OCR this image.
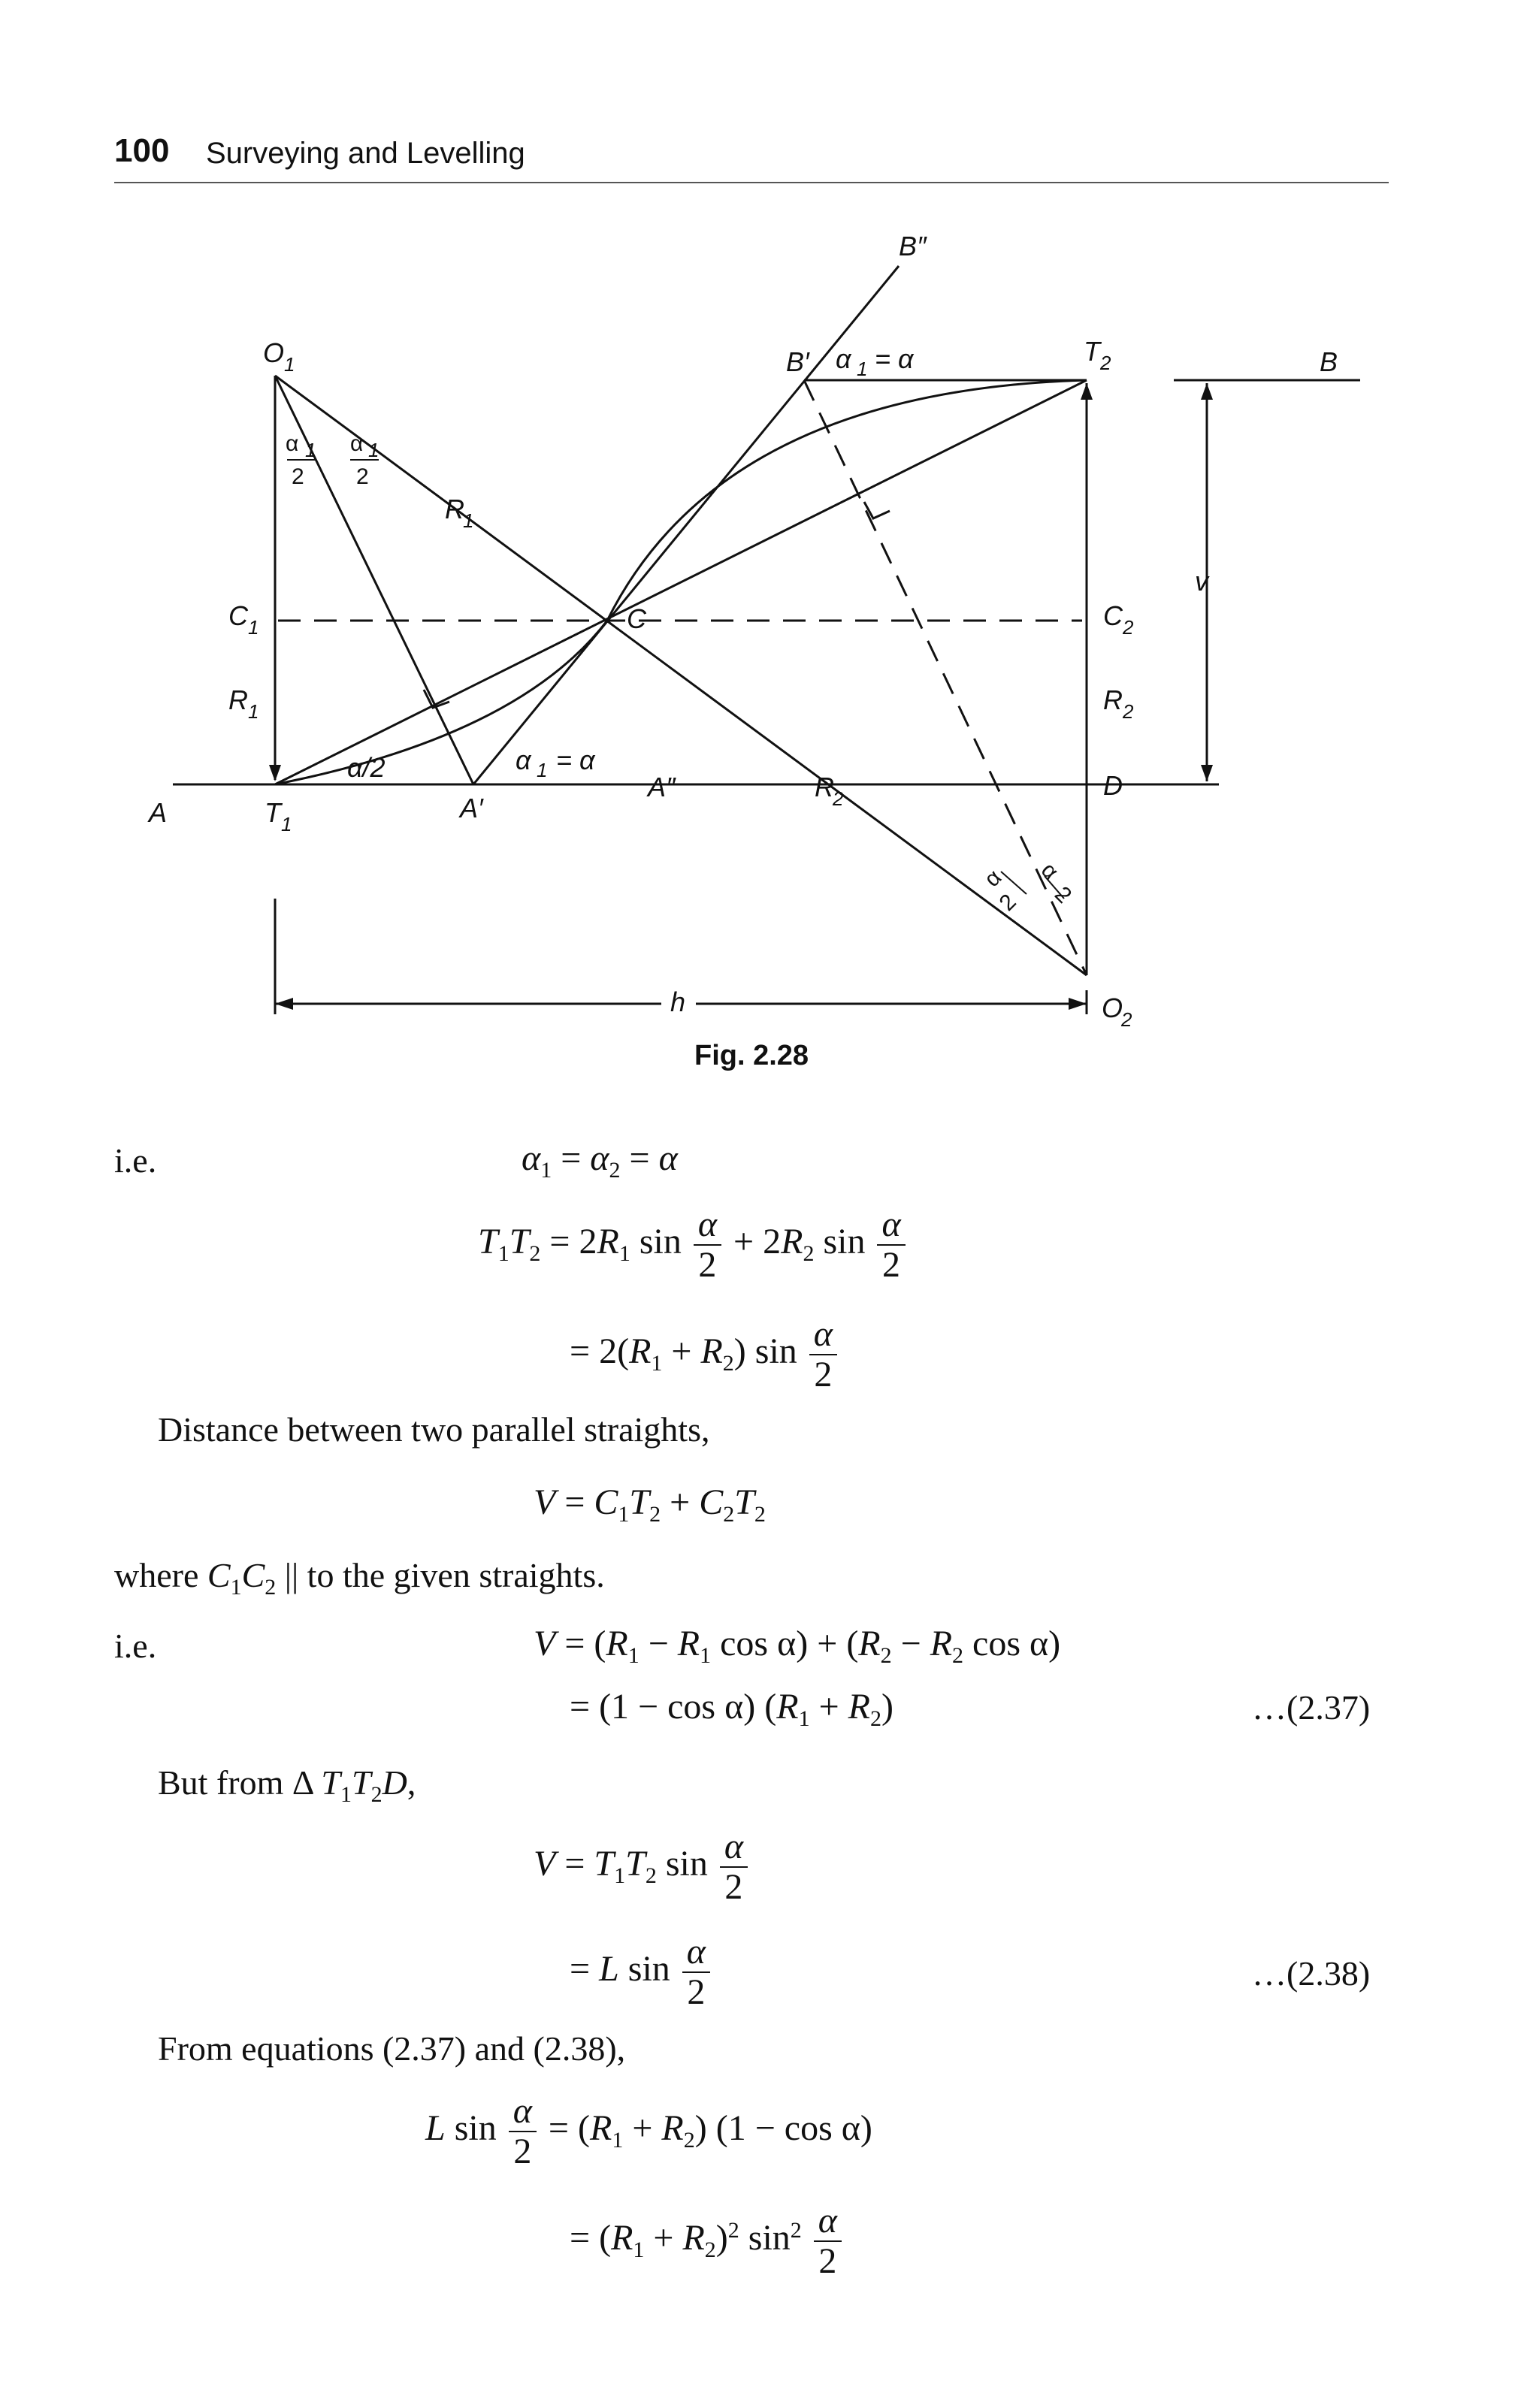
100 Surveying and Levelling
B″
B′ α 1 = α	T 2	B
O 1
α 1
2
α 1
2
R
1
v
C 1	C	C 2
R 1	R 2
α/2	α 1 = α
A	T 1
A′
A″	R
2	D
α
2
α
2
h	O
2
Fig. 2.28
i.e.	$\alpha_1 = \alpha_2 = \alpha$
$T_1T_2 = 2R_1$ $\sin \frac{\alpha}{2} + 2R_2$ $\sin \frac{\alpha}{2}$
= $2(R_1 + R_2)$ $\sin \frac{\alpha}{2}$
Distance between two parallel straights,
$V = C_1T_2 + C_2T_2$
where $C_1C_2$ || to the given straights.
i.e.	$V = (R_1 - R_1$ $\cos \alpha) + (R_2 - R_2$ cos α)
= (1 − cos α) $(R_1 + R_2)$	…(2.37)
But from Δ $T_1T_2D$,
$V = T_1T_2$ $\sin \frac{\alpha}{2}$
= L $\sin \frac{\alpha}{2}$	…(2.38)
From equations (2.37) and (2.38),
L $\sin \frac{\alpha}{2} = (R_1 + R_2) (1 - \cos \alpha)$
= $(R_1 + R_2)^2$ $\sin^2 \frac{\alpha}{2}$
